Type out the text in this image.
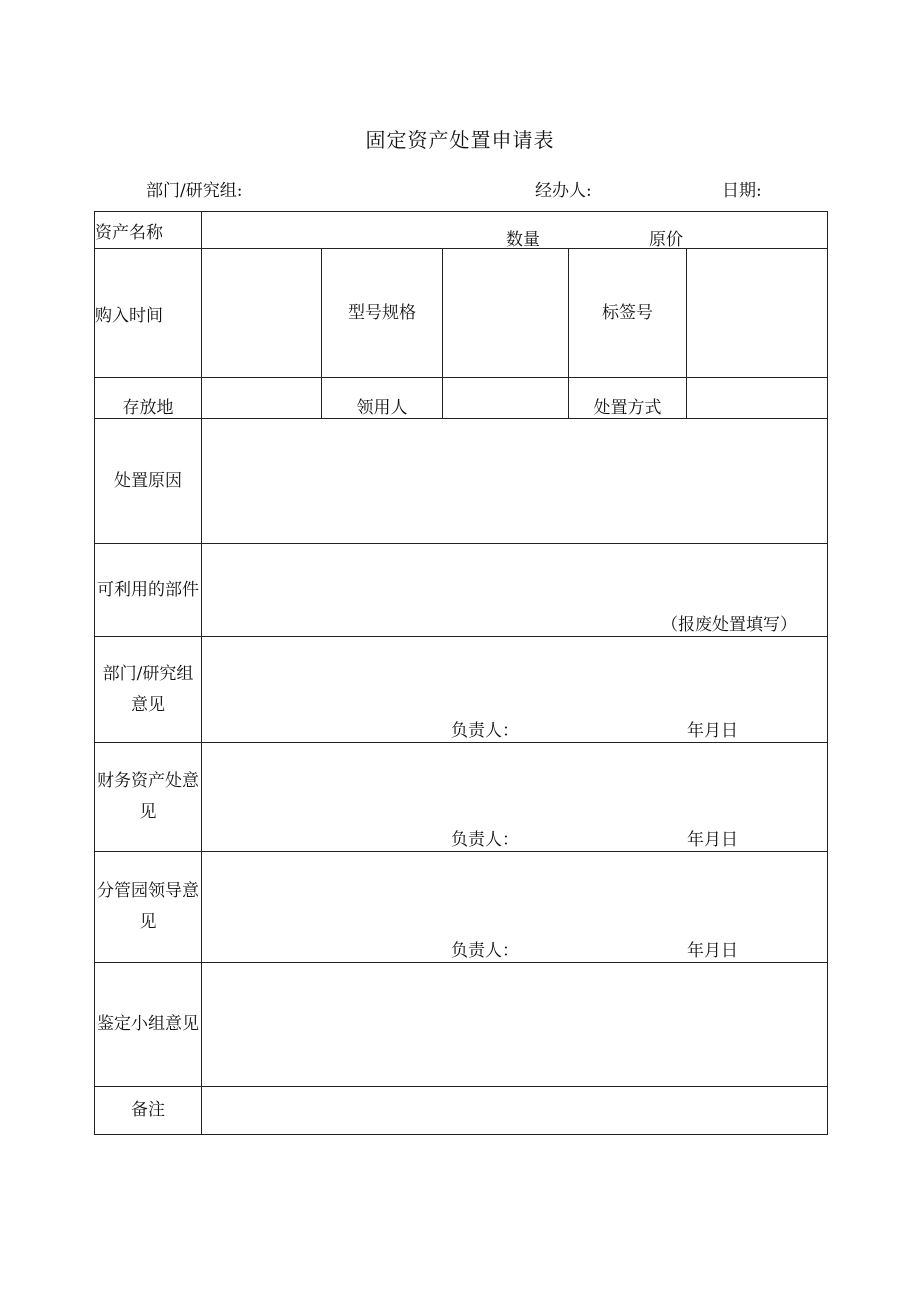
固定资产处置申请表
部门/研究组:	经办人:	日期:
资产名称	数量 原价				

购入时间		型号规格		标签号	
存放地		领用人		处置方式	
处置原因					
可利用的部件	（报废处置填写）				

部门/研究组意见	负责人： 年月日				

财务资产处意见	负责人： 年月日				

分管园领导意见	负责人： 年月日				

鉴定小组意见					
备注					
